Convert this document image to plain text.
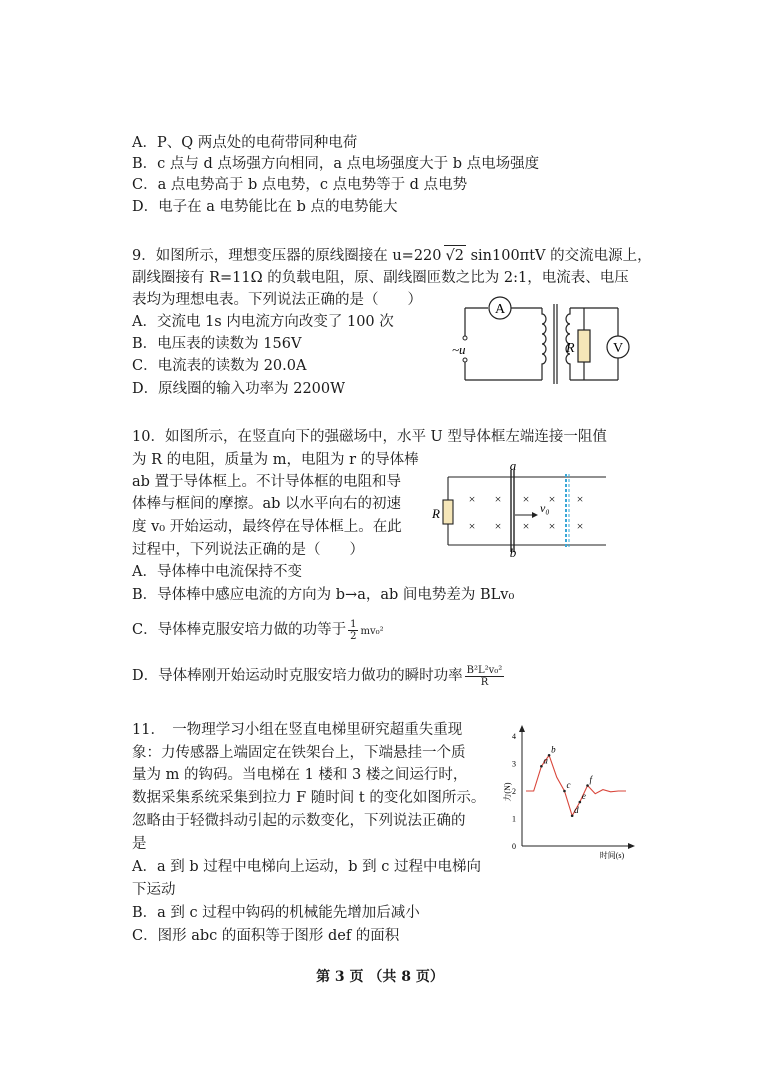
A．P、Q 两点处的电荷带同种电荷
B．c 点与 d 点场强方向相同，a 点电场强度大于 b 点电场强度
C．a 点电势高于 b 点电势，c 点电势等于 d 点电势
D．电子在 a 电势能比在 b 点的电势能大
9．如图所示，理想变压器的原线圈接在 u=220 √2 sin100πtV 的交流电源上，
副线圈接有 R=11Ω 的负载电阻，原、副线圈匝数之比为 2:1，电流表、电压
表均为理想电表。下列说法正确的是（　　）
A．交流电 1s 内电流方向改变了 100 次
B．电压表的读数为 156V
C．电流表的读数为 20.0A
D．原线圈的输入功率为 2200W
A
V
R
~u
10．如图所示，在竖直向下的强磁场中，水平 U 型导体框左端连接一阻值
为 R 的电阻，质量为 m，电阻为 r 的导体棒
ab 置于导体框上。不计导体框的电阻和导
体棒与框间的摩擦。ab 以水平向右的初速
度 v₀ 开始运动，最终停在导体框上。在此
过程中，下列说法正确的是（　　）
A．导体棒中电流保持不变
B．导体棒中感应电流的方向为 b→a，ab 间电势差为 BLv₀
C．导体棒克服安培力做的功等于 $\frac{1}{2} mv_0^2$
D．导体棒刚开始运动时克服安培力做功的瞬时功率 $\frac{\text{B²L²v₀²}}{R}$
a
b
R	v₀
× × × × ×
× × × × ×
11．　一物理学习小组在竖直电梯里研究超重失重现
象：力传感器上端固定在铁架台上，下端悬挂一个质
量为 m 的钩码。当电梯在 1 楼和 3 楼之间运行时，
数据采集系统采集到拉力 F 随时间 t 的变化如图所示。
忽略由于轻微抖动引起的示数变化，下列说法正确的
是
A．a 到 b 过程中电梯向上运动，b 到 c 过程中电梯向
下运动
B．a 到 c 过程中钩码的机械能先增加后减小
C．图形 abc 的面积等于图形 def 的面积
0
1
2
3
4
力(N)
时间(s)
a
b
c
d
e
f
第 3 页 （共 8 页）
